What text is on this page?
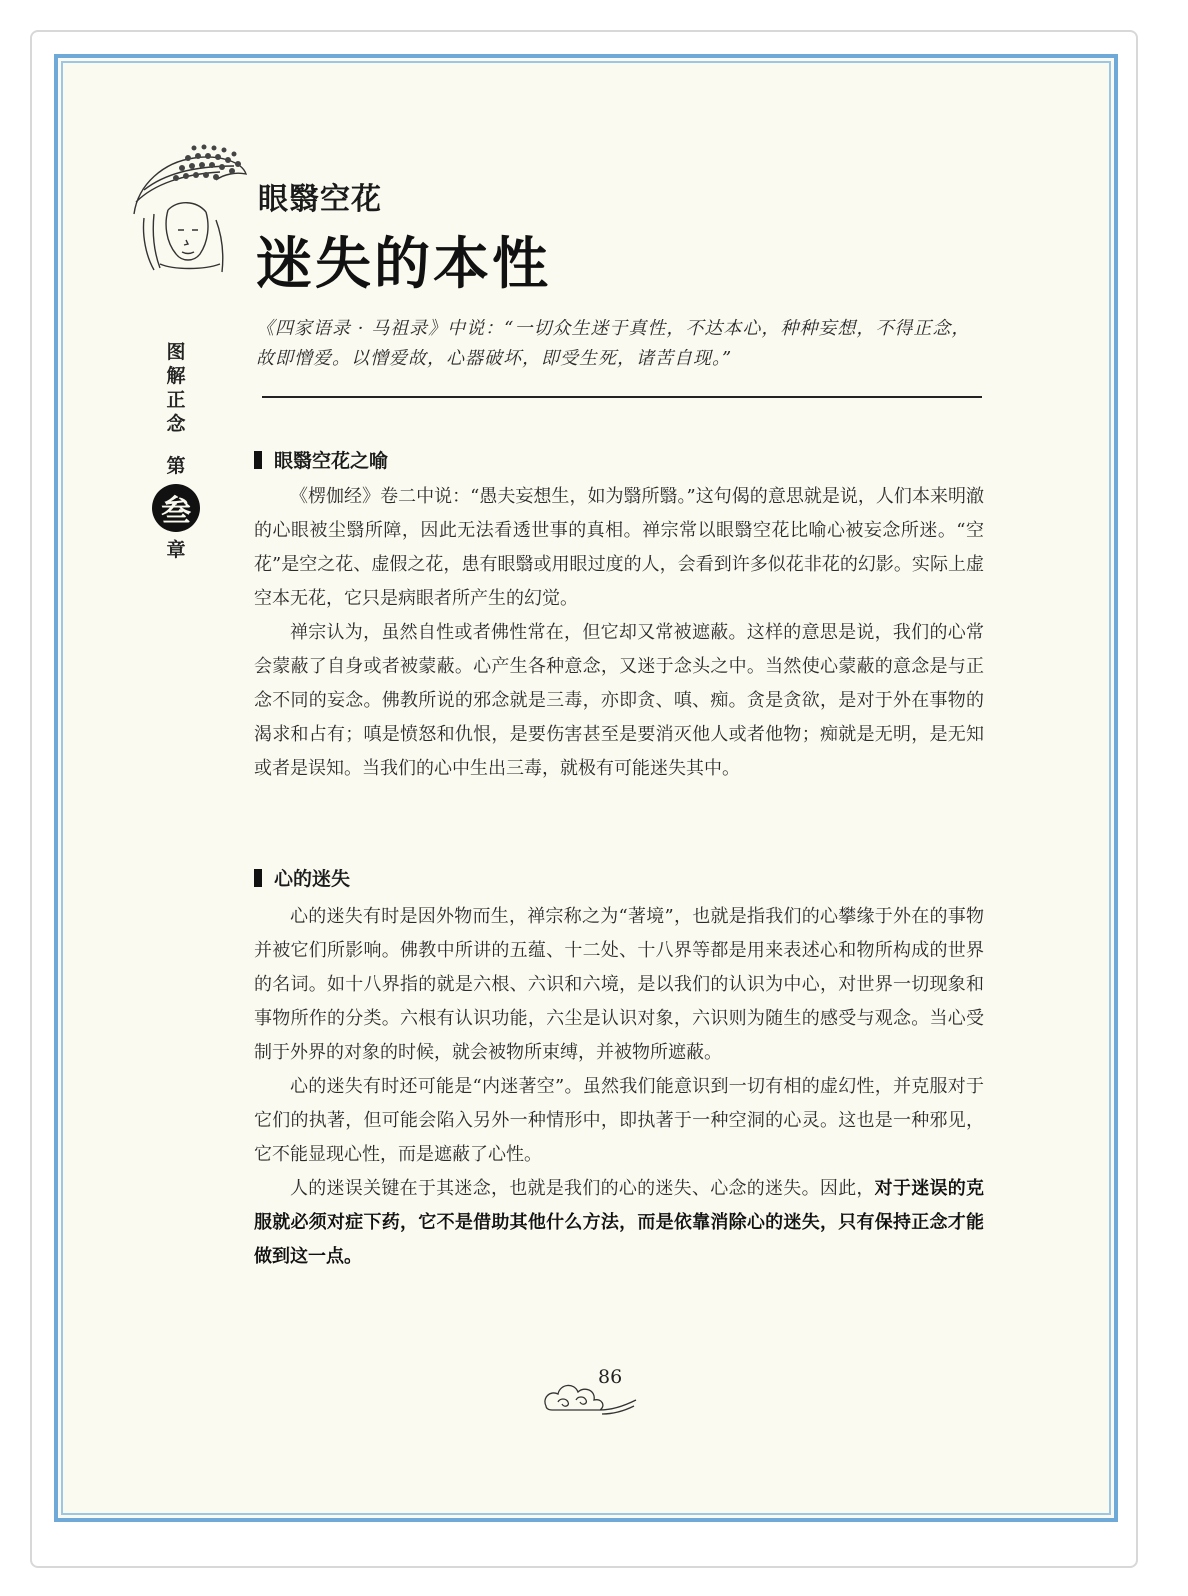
眼翳空花
迷失的本性
图
解
正
念
第
叁
章
《四家语录 · 马祖录》中说：“一切众生迷于真性，不达本心，种种妄想，不得正念，故即憎爱。以憎爱故，心器破坏，即受生死，诸苦自现。”
眼翳空花之喻

《楞伽经》卷二中说：“愚夫妄想生，如为翳所翳。”这句偈的意思就是说，人们本来明澈的心眼被尘翳所障，因此无法看透世事的真相。禅宗常以眼翳空花比喻心被妄念所迷。“空花”是空之花、虚假之花，患有眼翳或用眼过度的人，会看到许多似花非花的幻影。实际上虚空本无花，它只是病眼者所产生的幻觉。

禅宗认为，虽然自性或者佛性常在，但它却又常被遮蔽。这样的意思是说，我们的心常会蒙蔽了自身或者被蒙蔽。心产生各种意念，又迷于念头之中。当然使心蒙蔽的意念是与正念不同的妄念。佛教所说的邪念就是三毒，亦即贪、嗔、痴。贪是贪欲，是对于外在事物的渴求和占有；嗔是愤怒和仇恨，是要伤害甚至是要消灭他人或者他物；痴就是无明，是无知或者是误知。当我们的心中生出三毒，就极有可能迷失其中。

心的迷失

心的迷失有时是因外物而生，禅宗称之为“著境”，也就是指我们的心攀缘于外在的事物并被它们所影响。佛教中所讲的五蕴、十二处、十八界等都是用来表述心和物所构成的世界的名词。如十八界指的就是六根、六识和六境，是以我们的认识为中心，对世界一切现象和事物所作的分类。六根有认识功能，六尘是认识对象，六识则为随生的感受与观念。当心受制于外界的对象的时候，就会被物所束缚，并被物所遮蔽。

心的迷失有时还可能是“内迷著空”。虽然我们能意识到一切有相的虚幻性，并克服对于它们的执著，但可能会陷入另外一种情形中，即执著于一种空洞的心灵。这也是一种邪见，它不能显现心性，而是遮蔽了心性。

人的迷误关键在于其迷念，也就是我们的心的迷失、心念的迷失。因此，对于迷误的克服就必须对症下药，它不是借助其他什么方法，而是依靠消除心的迷失，只有保持正念才能做到这一点。

86
